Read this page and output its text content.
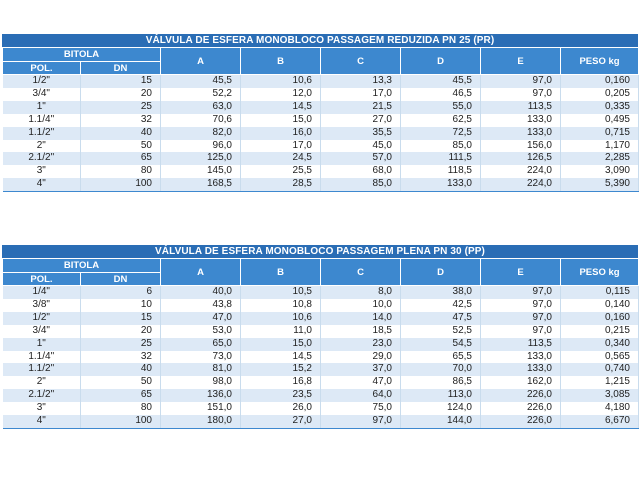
VÁLVULA DE ESFERA MONOBLOCO PASSAGEM REDUZIDA PN 25 (PR)
BITOLA		A	B	C	D	E	PESO kg
POL.	DN						
1/2"	15	45,5	10,6	13,3	45,5	97,0	0,160
3/4"	20	52,2	12,0	17,0	46,5	97,0	0,205
1"	25	63,0	14,5	21,5	55,0	113,5	0,335
1.1/4"	32	70,6	15,0	27,0	62,5	133,0	0,495
1.1/2"	40	82,0	16,0	35,5	72,5	133,0	0,715
2"	50	96,0	17,0	45,0	85,0	156,0	1,170
2.1/2"	65	125,0	24,5	57,0	111,5	126,5	2,285
3"	80	145,0	25,5	68,0	118,5	224,0	3,090
4"	100	168,5	28,5	85,0	133,0	224,0	5,390
VÁLVULA DE ESFERA MONOBLOCO PASSAGEM PLENA PN 30 (PP)
BITOLA		A	B	C	D	E	PESO kg
POL.	DN						
1/4"	6	40,0	10,5	8,0	38,0	97,0	0,115
3/8"	10	43,8	10,8	10,0	42,5	97,0	0,140
1/2"	15	47,0	10,6	14,0	47,5	97,0	0,160
3/4"	20	53,0	11,0	18,5	52,5	97,0	0,215
1"	25	65,0	15,0	23,0	54,5	113,5	0,340
1.1/4"	32	73,0	14,5	29,0	65,5	133,0	0,565
1.1/2"	40	81,0	15,2	37,0	70,0	133,0	0,740
2"	50	98,0	16,8	47,0	86,5	162,0	1,215
2.1/2"	65	136,0	23,5	64,0	113,0	226,0	3,085
3"	80	151,0	26,0	75,0	124,0	226,0	4,180
4"	100	180,0	27,0	97,0	144,0	226,0	6,670
